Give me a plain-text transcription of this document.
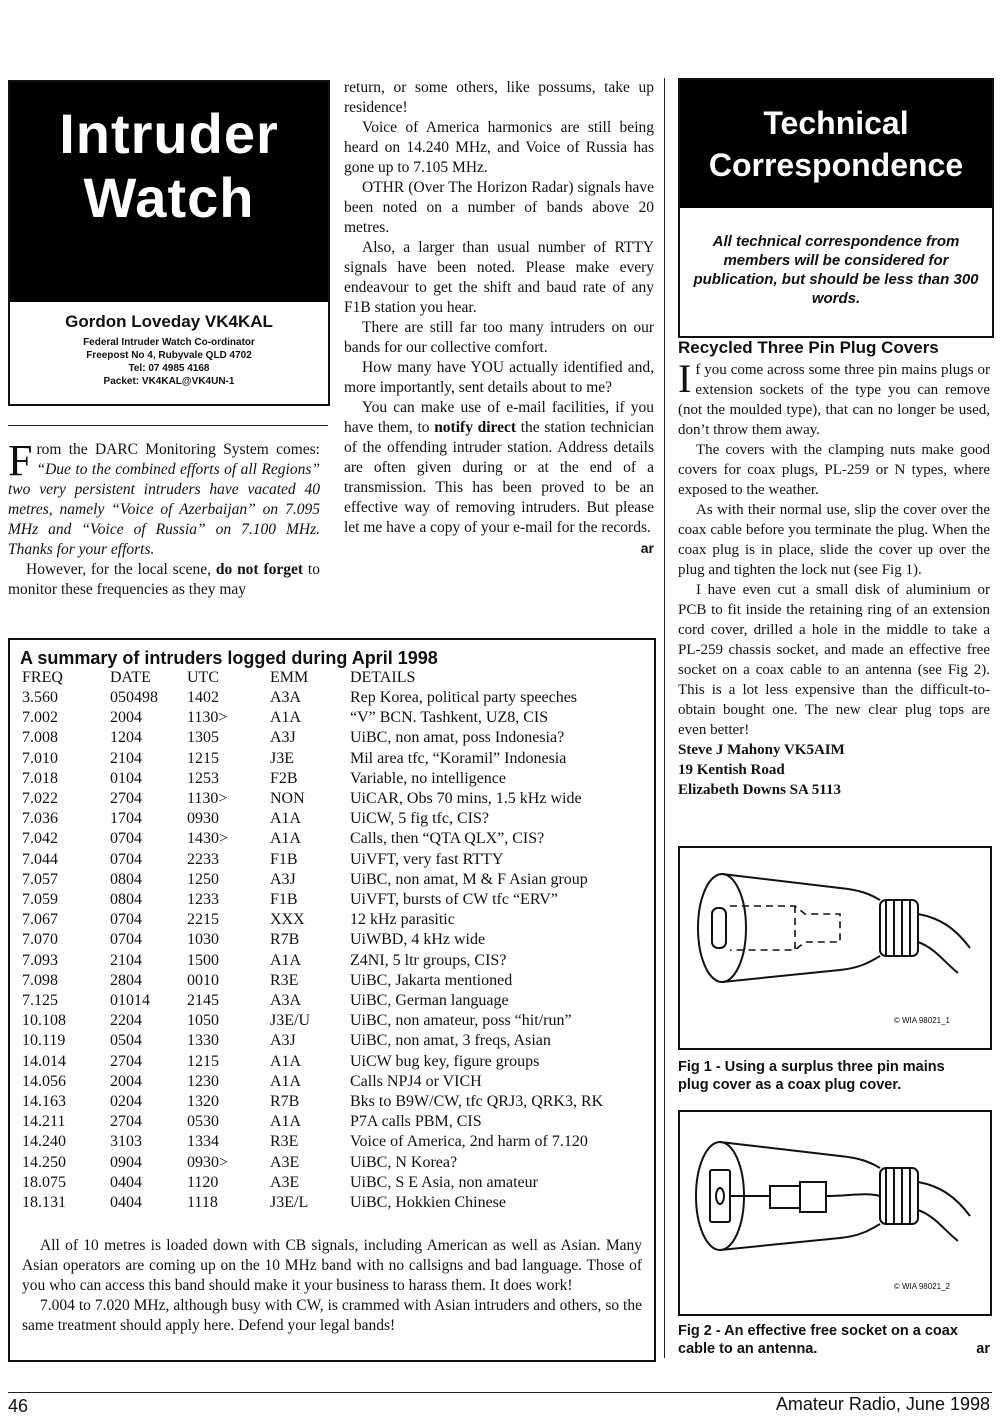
Intruder
Watch
Gordon Loveday VK4KAL
Federal Intruder Watch Co-ordinator
Freepost No 4, Rubyvale QLD 4702
Tel: 07 4985 4168
Packet: VK4KAL@VK4UN-1

From the DARC Monitoring System comes: “Due to the combined efforts of all Regions” two very persistent intruders have vacated 40 metres, namely “Voice of Azerbaijan” on 7.095 MHz and “Voice of Russia” on 7.100 MHz. Thanks for your efforts.

However, for the local scene, do not forget to monitor these frequencies as they may

return, or some others, like possums, take up residence!

Voice of America harmonics are still being heard on 14.240 MHz, and Voice of Russia has gone up to 7.105 MHz.

OTHR (Over The Horizon Radar) signals have been noted on a number of bands above 20 metres.

Also, a larger than usual number of RTTY signals have been noted. Please make every endeavour to get the shift and baud rate of any F1B station you hear.

There are still far too many intruders on our bands for our collective comfort.

How many have YOU actually identified and, more importantly, sent details about to me?

You can make use of e-mail facilities, if you have them, to notify direct the station technician of the offending intruder station. Address details are often given during or at the end of a transmission. This has been proved to be an effective way of removing intruders. But please let me have a copy of your e-mail for the records.

ar
Technical
Correspondence
All technical correspondence from members will be considered for publication, but should be less than 300 words.
Recycled Three Pin Plug Covers

If you come across some three pin mains plugs or extension sockets of the type you can remove (not the moulded type), that can no longer be used, don’t throw them away.

The covers with the clamping nuts make good covers for coax plugs, PL-259 or N types, where exposed to the weather.

As with their normal use, slip the cover over the coax cable before you terminate the plug. When the coax plug is in place, slide the cover up over the plug and tighten the lock nut (see Fig 1).

I have even cut a small disk of aluminium or PCB to fit inside the retaining ring of an extension cord cover, drilled a hole in the middle to take a PL-259 chassis socket, and made an effective free socket on a coax cable to an antenna (see Fig 2). This is a lot less expensive than the difficult-to-obtain bought one. The new clear plug tops are even better!

Steve J Mahony VK5AIM
19 Kentish Road
Elizabeth Downs SA 5113
© WIA 98021_1
Fig 1 - Using a surplus three pin mains plug cover as a coax plug cover.
© WIA 98021_2
Fig 2 - An effective free socket on a coax cable to an antenna.	ar
A summary of intruders logged during April 1998
FREQ	DATE UTC	EMM	DETAILS
3.560	050498 1402	A3A	Rep Korea, political party speeches
7.002	2004	1130>	A1A	“V” BCN. Tashkent, UZ8, CIS
7.008	1204	1305	A3J	UiBC, non amat, poss Indonesia?
7.010	2104	1215	J3E	Mil area tfc, “Koramil” Indonesia
7.018	0104	1253	F2B	Variable, no intelligence
7.022	2704	1130>	NON	UiCAR, Obs 70 mins, 1.5 kHz wide
7.036	1704	0930	A1A	UiCW, 5 fig tfc, CIS?
7.042	0704	1430>	A1A	Calls, then “QTA QLX”, CIS?
7.044	0704	2233	F1B	UiVFT, very fast RTTY
7.057	0804	1250	A3J	UiBC, non amat, M & F Asian group
7.059	0804	1233	F1B	UiVFT, bursts of CW tfc “ERV”
7.067	0704	2215	XXX	12 kHz parasitic
7.070	0704	1030	R7B	UiWBD, 4 kHz wide
7.093	2104	1500	A1A	Z4NI, 5 ltr groups, CIS?
7.098	2804	0010	R3E	UiBC, Jakarta mentioned
7.125	01014 2145	A3A	UiBC, German language
10.108	2204	1050	J3E/U	UiBC, non amateur, poss “hit/run”
10.119	0504	1330	A3J	UiBC, non amat, 3 freqs, Asian
14.014	2704	1215	A1A	UiCW bug key, figure groups
14.056	2004	1230	A1A	Calls NPJ4 or VICH
14.163	0204	1320	R7B	Bks to B9W/CW, tfc QRJ3, QRK3, RK
14.211	2704	0530	A1A	P7A calls PBM, CIS
14.240	3103	1334	R3E	Voice of America, 2nd harm of 7.120
14.250	0904	0930>	A3E	UiBC, N Korea?
18.075	0404	1120	A3E	UiBC, S E Asia, non amateur
18.131	0404	1118	J3E/L	UiBC, Hokkien Chinese

All of 10 metres is loaded down with CB signals, including American as well as Asian. Many Asian operators are coming up on the 10 MHz band with no callsigns and bad language. Those of you who can access this band should make it your business to harass them. It does work!

7.004 to 7.020 MHz, although busy with CW, is crammed with Asian intruders and others, so the same treatment should apply here. Defend your legal bands!

46	Amateur Radio, June 1998
